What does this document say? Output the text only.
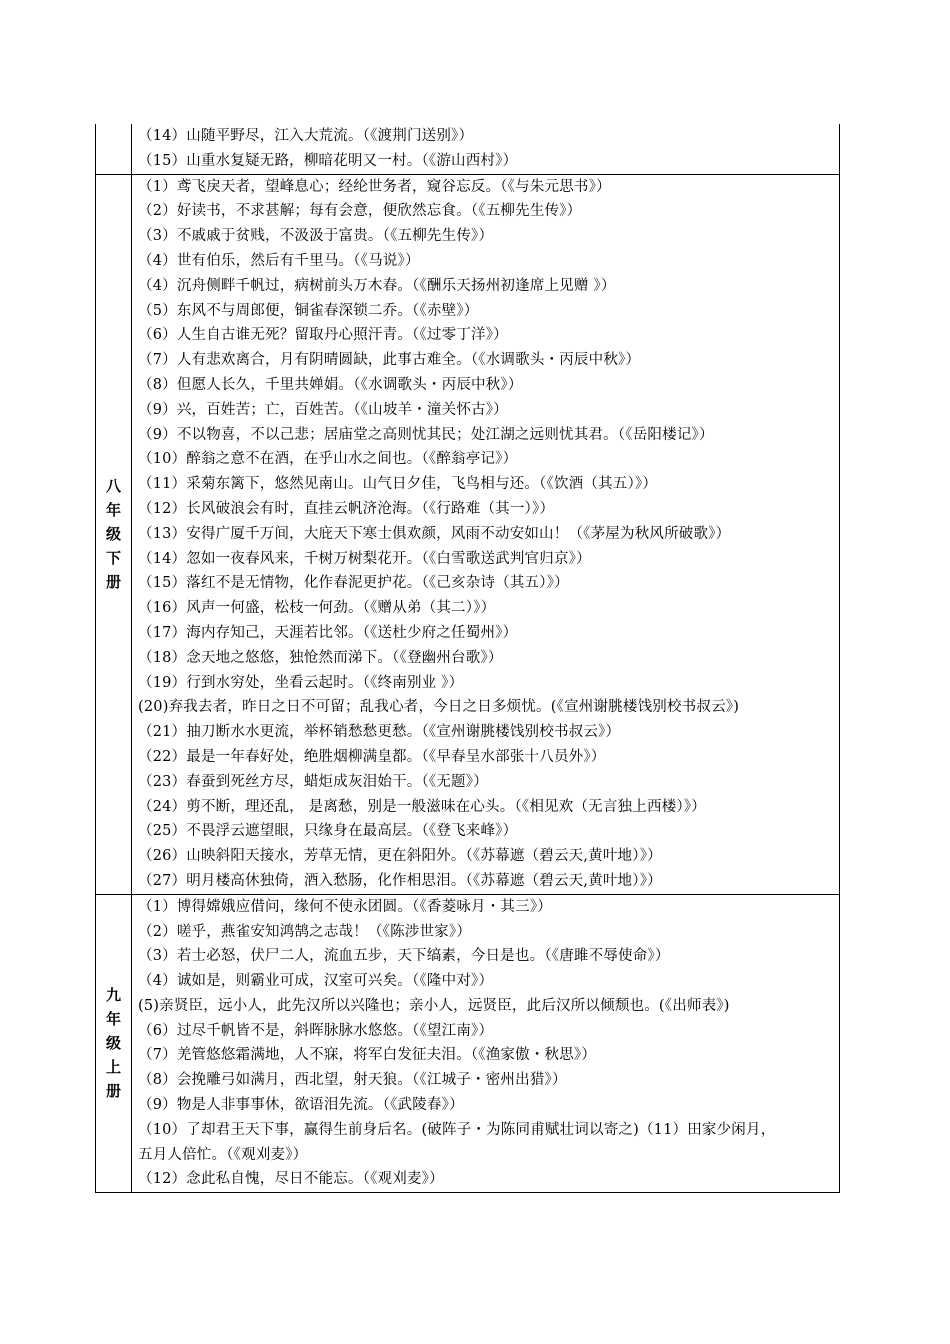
（14）山随平野尽，江入大荒流。（《渡荆门送别》）
（15）山重水复疑无路，柳暗花明又一村。（《游山西村》）
八
年
级
下
册
（1）鸢飞戾天者，望峰息心；经纶世务者，窥谷忘反。（《与朱元思书》）
（2）好读书，不求甚解；每有会意，便欣然忘食。（《五柳先生传》）
（3）不戚戚于贫贱，不汲汲于富贵。（《五柳先生传》）
（4）世有伯乐，然后有千里马。（《马说》）
（4）沉舟侧畔千帆过，病树前头万木春。（《酬乐天扬州初逢席上见赠 》）
（5）东风不与周郎便，铜雀春深锁二乔。（《赤壁》）
（6）人生自古谁无死？留取丹心照汗青。（《过零丁洋》）
（7）人有悲欢离合，月有阴晴圆缺，此事古难全。（《水调歌头・丙辰中秋》）
（8）但愿人长久，千里共婵娟。（《水调歌头・丙辰中秋》）
（9）兴，百姓苦；亡，百姓苦。（《山坡羊・潼关怀古》）
（9）不以物喜，不以己悲；居庙堂之高则忧其民；处江湖之远则忧其君。（《岳阳楼记》）
（10）醉翁之意不在酒，在乎山水之间也。（《醉翁亭记》）
（11）采菊东篱下，悠然见南山。山气日夕佳，飞鸟相与还。（《饮酒（其五）》）
（12）长风破浪会有时，直挂云帆济沧海。（《行路难（其一）》）
（13）安得广厦千万间，大庇天下寒士俱欢颜，风雨不动安如山！（《茅屋为秋风所破歌》）
（14）忽如一夜春风来，千树万树梨花开。（《白雪歌送武判官归京》）
（15）落红不是无情物，化作春泥更护花。（《己亥杂诗（其五）》）
（16）风声一何盛，松枝一何劲。（《赠从弟（其二）》）
（17）海内存知己，天涯若比邻。（《送杜少府之任蜀州》）
（18）念天地之悠悠，独怆然而涕下。（《登幽州台歌》）
（19）行到水穷处，坐看云起时。（《终南别业 》）
(20)弃我去者，昨日之日不可留；乱我心者，今日之日多烦忧。(《宣州谢朓楼饯别校书叔云》)
（21）抽刀断水水更流，举杯销愁愁更愁。（《宣州谢朓楼饯别校书叔云》）
（22）最是一年春好处，绝胜烟柳满皇都。（《早春呈水部张十八员外》）
（23）春蚕到死丝方尽，蜡炬成灰泪始干。（《无题》）
（24）剪不断，理还乱， 是离愁，别是一般滋味在心头。（《相见欢（无言独上西楼）》）
（25）不畏浮云遮望眼，只缘身在最高层。（《登飞来峰》）
（26）山映斜阳天接水，芳草无情，更在斜阳外。（《苏幕遮（碧云天,黄叶地）》）
（27）明月楼高休独倚，酒入愁肠，化作相思泪。（《苏幕遮（碧云天,黄叶地）》）
九
年
级
上
册
（1）博得嫦娥应借问，缘何不使永团圆。（《香菱咏月・其三》）
（2）嗟乎，燕雀安知鸿鹄之志哉！（《陈涉世家》）
（3）若士必怒，伏尸二人，流血五步，天下缟素，今日是也。（《唐雎不辱使命》）
（4）诚如是，则霸业可成，汉室可兴矣。（《隆中对》）
(5)亲贤臣，远小人，此先汉所以兴隆也；亲小人，远贤臣，此后汉所以倾颓也。(《出师表》)
（6）过尽千帆皆不是，斜晖脉脉水悠悠。（《望江南》）
（7）羌管悠悠霜满地，人不寐，将军白发征夫泪。（《渔家傲・秋思》）
（8）会挽雕弓如满月，西北望，射天狼。（《江城子・密州出猎》）
（9）物是人非事事休，欲语泪先流。（《武陵春》）
（10）了却君王天下事，赢得生前身后名。(破阵子・为陈同甫赋壮词以寄之)（11）田家少闲月，
五月人倍忙。（《观刈麦》）
（12）念此私自愧，尽日不能忘。（《观刈麦》）
